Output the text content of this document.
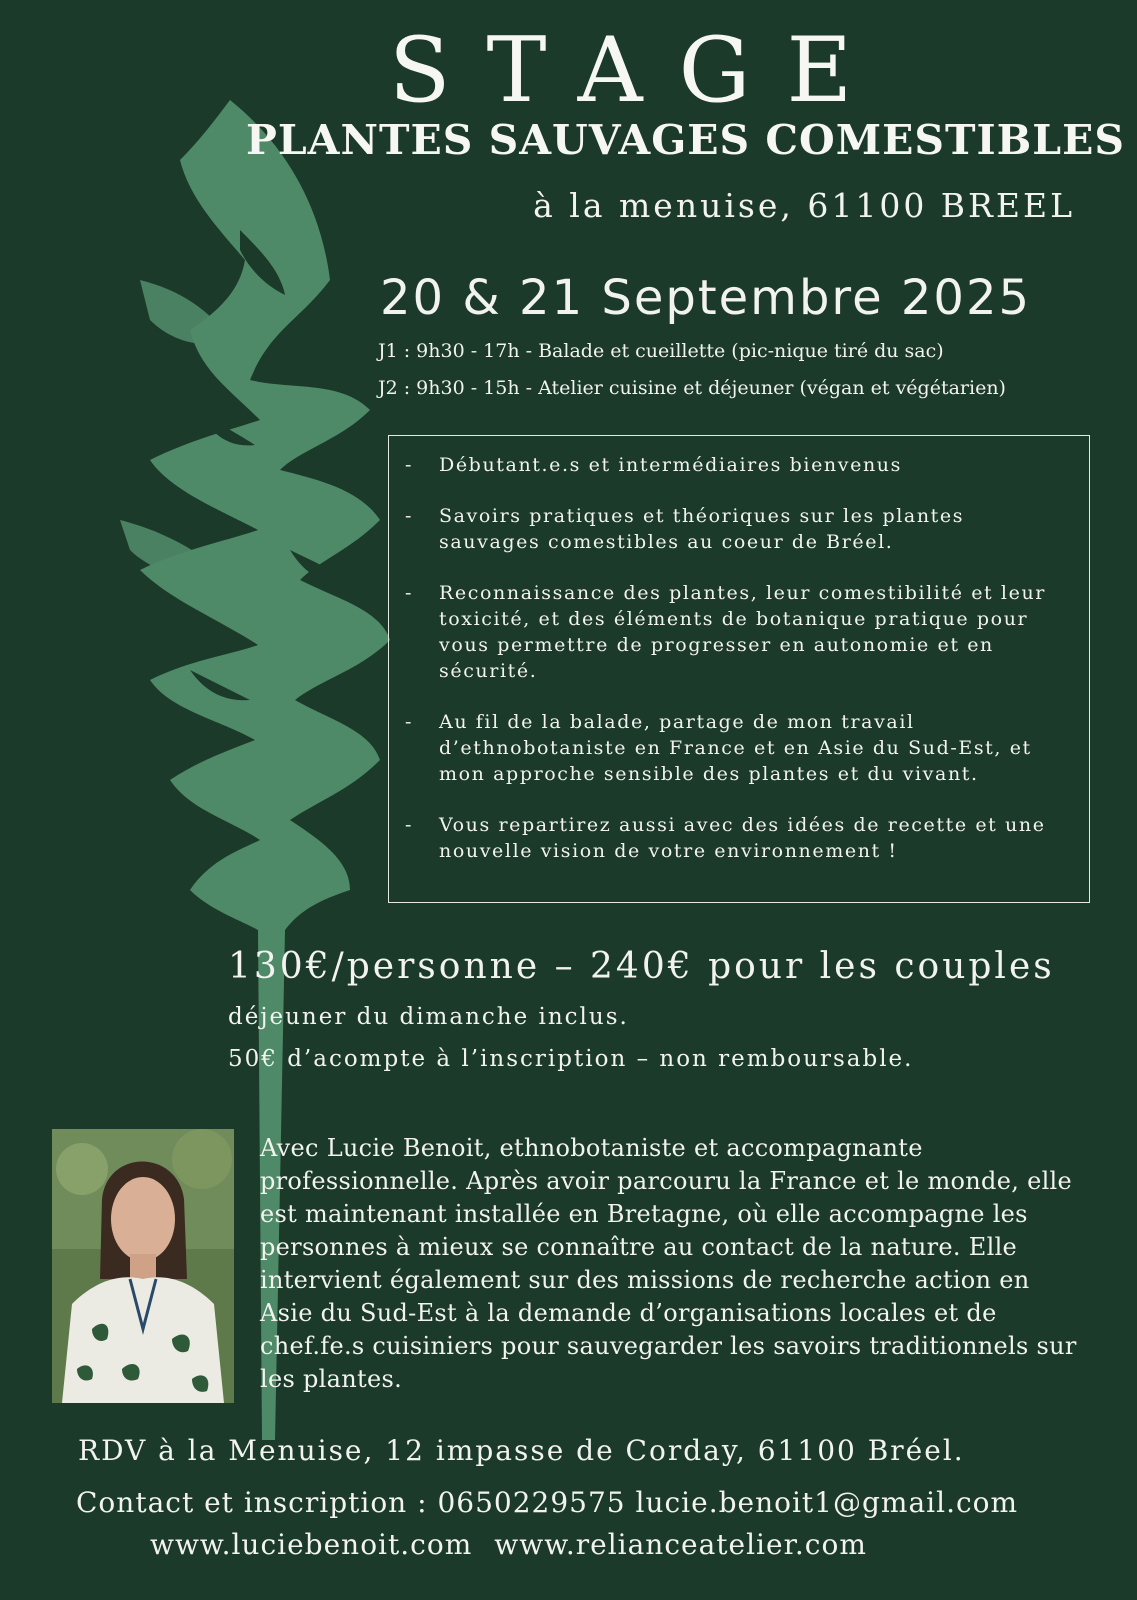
STAGE
PLANTES SAUVAGES COMESTIBLES
à la menuise, 61100 BREEL
20 & 21 Septembre 2025
J1 : 9h30 - 17h - Balade et cueillette (pic-nique tiré du sac)
J2 : 9h30 - 15h - Atelier cuisine et déjeuner (végan et végétarien)
- Débutant.e.s et intermédiaires bienvenus
- Savoirs pratiques et théoriques sur les plantes sauvages comestibles au coeur de Bréel.
- Reconnaissance des plantes, leur comestibilité et leur toxicité, et des éléments de botanique pratique pour vous permettre de progresser en autonomie et en sécurité.
- Au fil de la balade, partage de mon travail d’ethnobotaniste en France et en Asie du Sud-Est, et mon approche sensible des plantes et du vivant.
- Vous repartirez aussi avec des idées de recette et une nouvelle vision de votre environnement !
130€/personne – 240€ pour les couples
déjeuner du dimanche inclus.
50€ d’acompte à l’inscription – non remboursable.
Avec Lucie Benoit, ethnobotaniste et accompagnante professionnelle. Après avoir parcouru la France et le monde, elle est maintenant installée en Bretagne, où elle accompagne les personnes à mieux se connaître au contact de la nature. Elle intervient également sur des missions de recherche action en Asie du Sud-Est à la demande d’organisations locales et de chef.fe.s cuisiniers pour sauvegarder les savoirs traditionnels sur les plantes.
RDV à la Menuise, 12 impasse de Corday, 61100 Bréel.
Contact et inscription : 0650229575 lucie.benoit1@gmail.com
www.luciebenoit.com www.relianceatelier.com
